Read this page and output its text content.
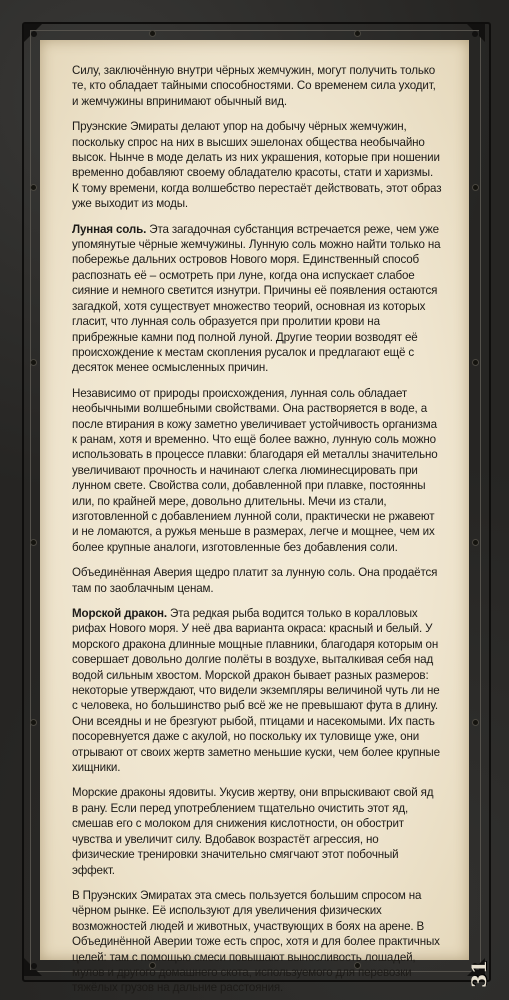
Силу, заключённую внутри чёрных жемчужин, могут получить только те, кто обладает тайными способностями. Со временем сила уходит, и жемчужины впринимают обычный вид.

Пруэнские Эмираты делают упор на добычу чёрных жемчужин, поскольку спрос на них в высших эшелонах общества необычайно высок. Нынче в моде делать из них украшения, которые при ношении временно добавляют своему обладателю красоты, стати и харизмы. К тому времени, когда волшебство перестаёт действовать, этот образ уже выходит из моды.

Лунная соль. Эта загадочная субстанция встречается реже, чем уже упомянутые чёрные жемчужины. Лунную соль можно найти только на побережье дальних островов Нового моря. Единственный способ распознать её – осмотреть при луне, когда она испускает слабое сияние и немного светится изнутри. Причины её появления остаются загадкой, хотя существует множество теорий, основная из которых гласит, что лунная соль образуется при пролитии крови на прибрежные камни под полной луной. Другие теории возводят её происхождение к местам скопления русалок и предлагают ещё с десяток менее осмысленных причин.

Независимо от природы происхождения, лунная соль обладает необычными волшебными свойствами. Она растворяется в воде, а после втирания в кожу заметно увеличивает устойчивость организма к ранам, хотя и временно. Что ещё более важно, лунную соль можно использовать в процессе плавки: благодаря ей металлы значительно увеличивают прочность и начинают слегка люминесцировать при лунном свете. Свойства соли, добавленной при плавке, постоянны или, по крайней мере, довольно длительны. Мечи из стали, изготовленной с добавлением лунной соли, практически не ржавеют и не ломаются, а ружья меньше в размерах, легче и мощнее, чем их более крупные аналоги, изготовленные без добавления соли.

Объединённая Аверия щедро платит за лунную соль. Она продаётся там по заоблачным ценам.

Морской дракон. Эта редкая рыба водится только в коралловых рифах Нового моря. У неё два варианта окраса: красный и белый. У морского дракона длинные мощные плавники, благодаря которым он совершает довольно долгие полёты в воздухе, выталкивая себя над водой сильным хвостом. Морской дракон бывает разных размеров: некоторые утверждают, что видели экземпляры величиной чуть ли не с человека, но большинство рыб всё же не превышают фута в длину. Они всеядны и не брезгуют рыбой, птицами и насекомыми. Их пасть посоревнуется даже с акулой, но поскольку их туловище уже, они отрывают от своих жертв заметно меньшие куски, чем более крупные хищники.

Морские драконы ядовиты. Укусив жертву, они впрыскивают свой яд в рану. Если перед употреблением тщательно очистить этот яд, смешав его с молоком для снижения кислотности, он обострит чувства и увеличит силу. Вдобавок возрастёт агрессия, но физические тренировки значительно смягчают этот побочный эффект.

В Пруэнских Эмиратах эта смесь пользуется большим спросом на чёрном рынке. Её используют для увеличения физических возможностей людей и животных, участвующих в боях на арене. В Объединённой Аверии тоже есть спрос, хотя и для более практичных целей: там с помощью смеси повышают выносливость лошадей, мулов и другого домашнего скота, используемого для перевозки тяжёлых грузов на дальние расстояния.	31
